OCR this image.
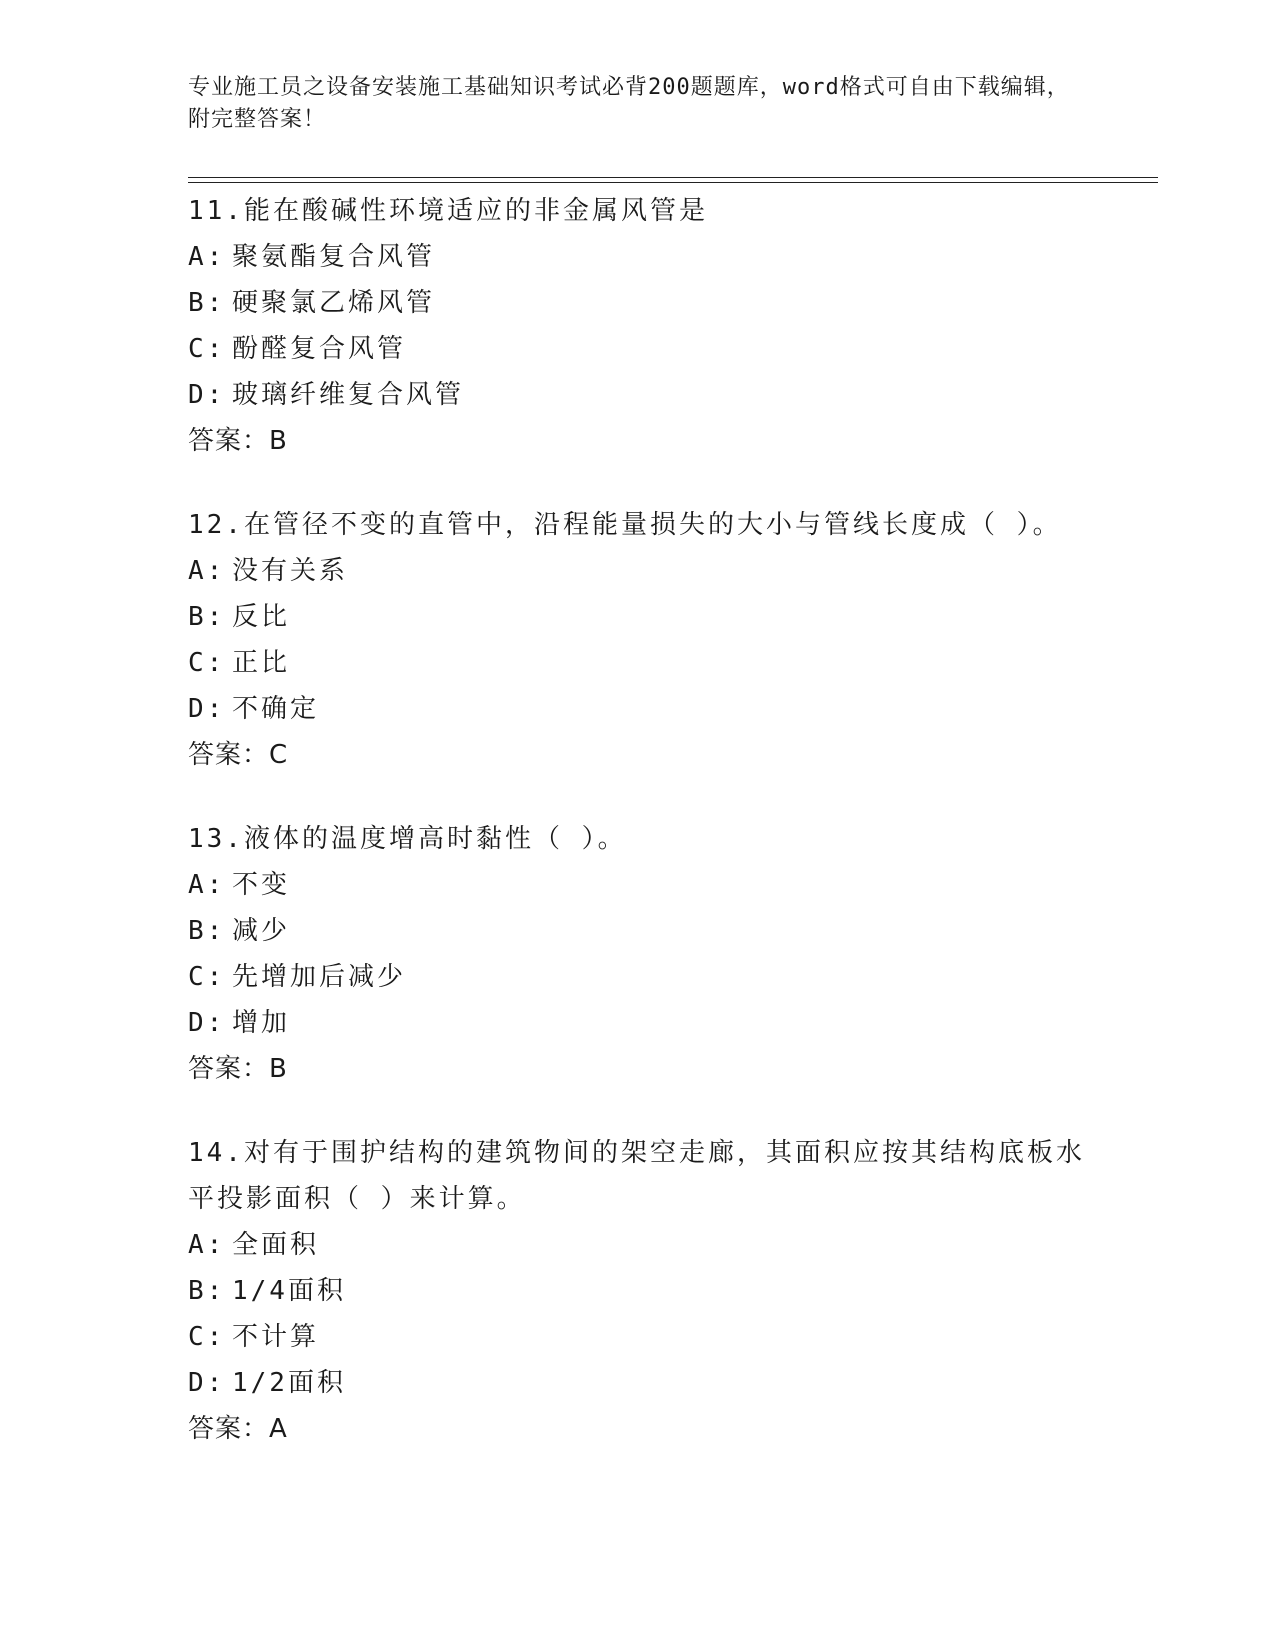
专业施工员之设备安装施工基础知识考试必背200题题库，word格式可自由下载编辑，附完整答案！
11.能在酸碱性环境适应的非金属风管是
A: 聚氨酯复合风管
B: 硬聚氯乙烯风管
C: 酚醛复合风管
D: 玻璃纤维复合风管
答案：B
12.在管径不变的直管中，沿程能量损失的大小与管线长度成（ ）。
A: 没有关系
B: 反比
C: 正比
D: 不确定
答案：C
13.液体的温度增高时黏性（ ）。
A: 不变
B: 减少
C: 先增加后减少
D: 增加
答案：B
14.对有于围护结构的建筑物间的架空走廊，其面积应按其结构底板水平投影面积（ ）来计算。
A: 全面积
B: 1/4面积
C: 不计算
D: 1/2面积
答案：A
